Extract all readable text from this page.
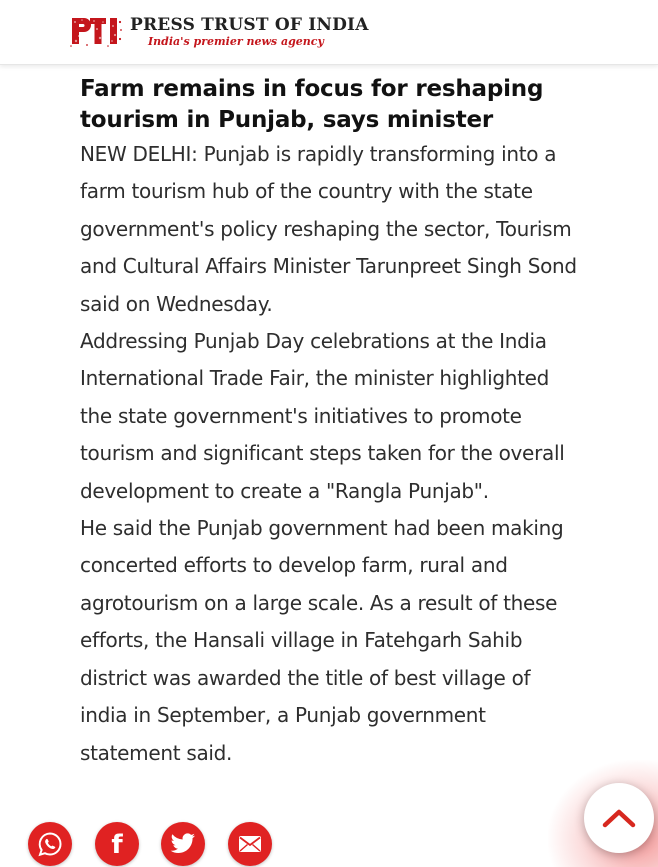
PRESS TRUST OF INDIA
India's premier news agency
Farm remains in focus for reshaping tourism in Punjab, says minister

NEW DELHI: Punjab is rapidly transforming into a farm tourism hub of the country with the state government's policy reshaping the sector, Tourism and Cultural Affairs Minister Tarunpreet Singh Sond said on Wednesday.

Addressing Punjab Day celebrations at the India International Trade Fair, the minister highlighted the state government's initiatives to promote tourism and significant steps taken for the overall development to create a "Rangla Punjab".

He said the Punjab government had been making concerted efforts to develop farm, rural and agrotourism on a large scale. As a result of these efforts, the Hansali village in Fatehgarh Sahib district was awarded the title of best village of india in September, a Punjab government statement said.

f
